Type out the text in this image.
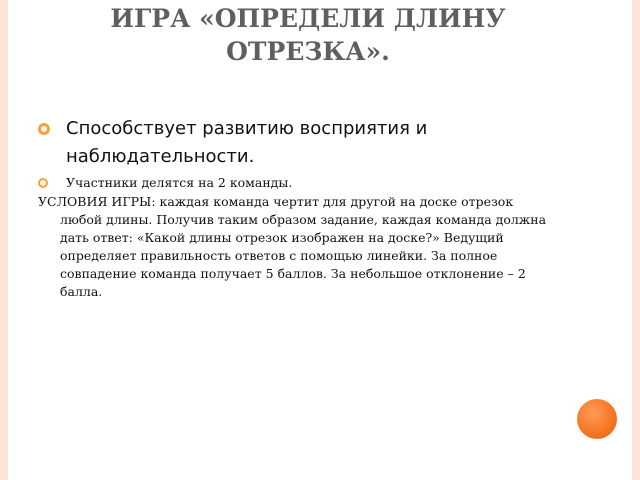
ИГРА «ОПРЕДЕЛИ ДЛИНУ
ОТРЕЗКА».
Способствует развитию восприятия и наблюдательности.
Участники делятся на 2 команды.
УСЛОВИЯ ИГРЫ: каждая команда чертит для другой на доске отрезок любой длины. Получив таким образом задание, каждая команда должна дать ответ: «Какой длины отрезок изображен на доске?» Ведущий определяет правильность ответов с помощью линейки. За полное совпадение команда получает 5 баллов. За небольшое отклонение – 2 балла.
